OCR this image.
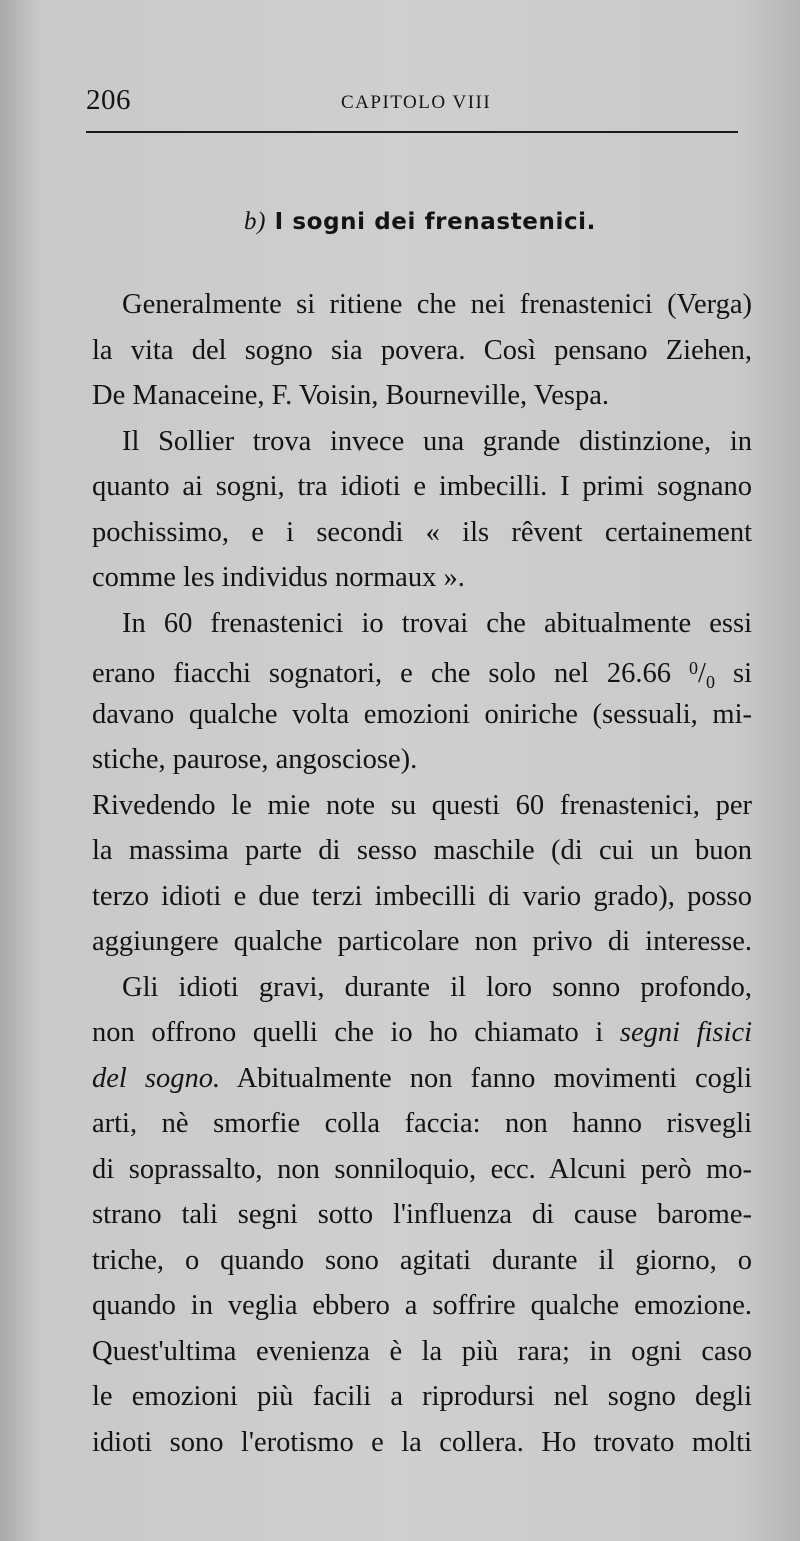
206	CAPITOLO VIII
b) I sogni dei frenastenici.
Generalmente si ritiene che nei frenastenici (Verga)
la vita del sogno sia povera. Così pensano Ziehen,
De Manaceine, F. Voisin, Bourneville, Vespa.
Il Sollier trova invece una grande distinzione, in
quanto ai sogni, tra idioti e imbecilli. I primi sognano
pochissimo, e i secondi « ils rêvent certainement
comme les individus normaux ».
In 60 frenastenici io trovai che abitualmente essi
erano fiacchi sognatori, e che solo nel 26.66 $^0/_0$ si
davano qualche volta emozioni oniriche (sessuali, mi-
stiche, paurose, angosciose).
Rivedendo le mie note su questi 60 frenastenici, per
la massima parte di sesso maschile (di cui un buon
terzo idioti e due terzi imbecilli di vario grado), posso
aggiungere qualche particolare non privo di interesse.
Gli idioti gravi, durante il loro sonno profondo,
non offrono quelli che io ho chiamato i segni fisici
del sogno. Abitualmente non fanno movimenti cogli
arti, nè smorfie colla faccia: non hanno risvegli
di soprassalto, non sonniloquio, ecc. Alcuni però mo-
strano tali segni sotto l'influenza di cause barome-
triche, o quando sono agitati durante il giorno, o
quando in veglia ebbero a soffrire qualche emozione.
Quest'ultima evenienza è la più rara; in ogni caso
le emozioni più facili a riprodursi nel sogno degli
idioti sono l'erotismo e la collera. Ho trovato molti
